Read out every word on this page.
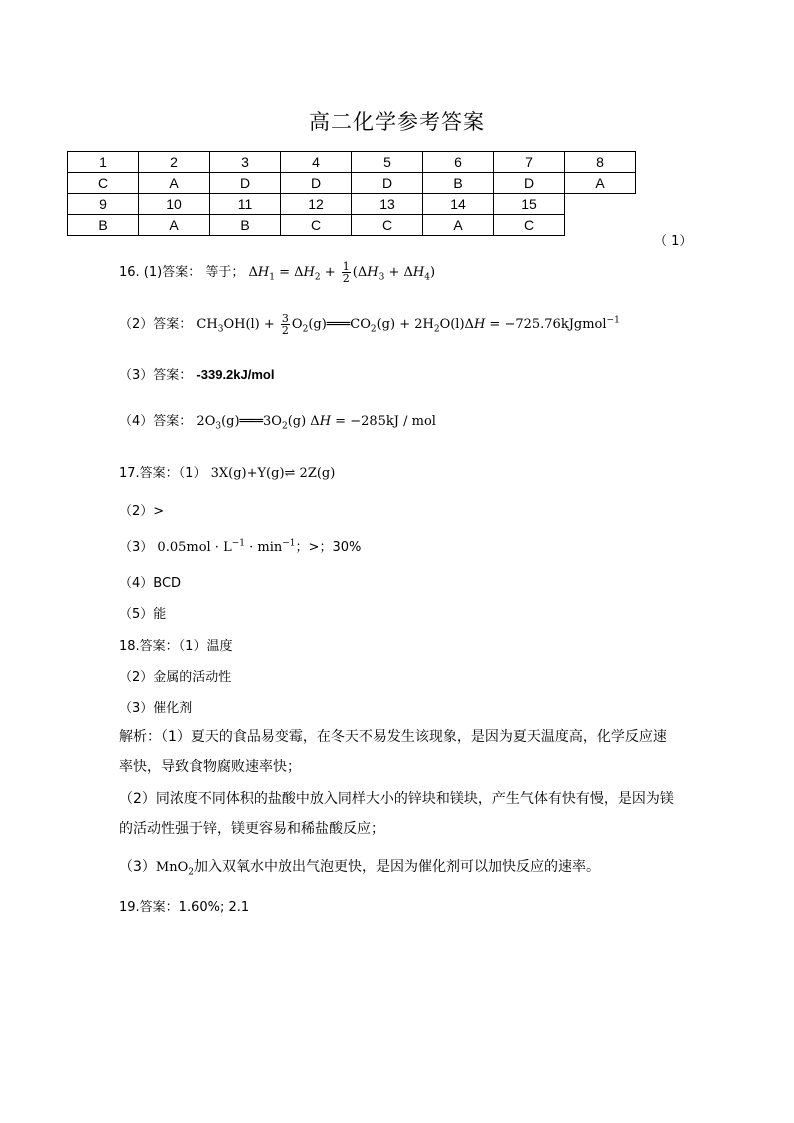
高二化学参考答案
1	2	3	4	5	6	7	8
C	A	D	D	D	B	D	A
9	10	11	12	13	14	15	
B	A	B	C	C	A	C	
（ 1）
16. (1)答案： 等于； $\Delta H_1 = \Delta H_2 + \frac{1}{2} (\Delta H_3 + \Delta H_4)$
（2）答案： $CH_3OH(l) + \frac{3}{2}$ $O_2(g)═══CO_2(g) + 2H_2O(l)\Delta H$ = −725.76kJgmol$^{-1}$
（3）答案： -339.2kJ/mol
（4）答案： $2O_3(g)═══3O_2(g) \Delta H = -285kJ$ / mol
17.答案：（1） 3X(g)+Y(g)⇌ 2Z(g)
（2）>
（3） $0.05mol \cdot L^{-1} \cdot \min^{-1}$；>；30%
（4）BCD
（5）能
18.答案：（1）温度
（2）金属的活动性
（3）催化剂
解析：（1）夏天的食品易变霉，在冬天不易发生该现象，是因为夏天温度高，化学反应速率快，导致食物腐败速率快；
（2）同浓度不同体积的盐酸中放入同样大小的锌块和镁块，产生气体有快有慢，是因为镁的活动性强于锌，镁更容易和稀盐酸反应；
（3）MnO$_2$加入双氧水中放出气泡更快，是因为催化剂可以加快反应的速率。
19.答案：1.60%; 2.1
